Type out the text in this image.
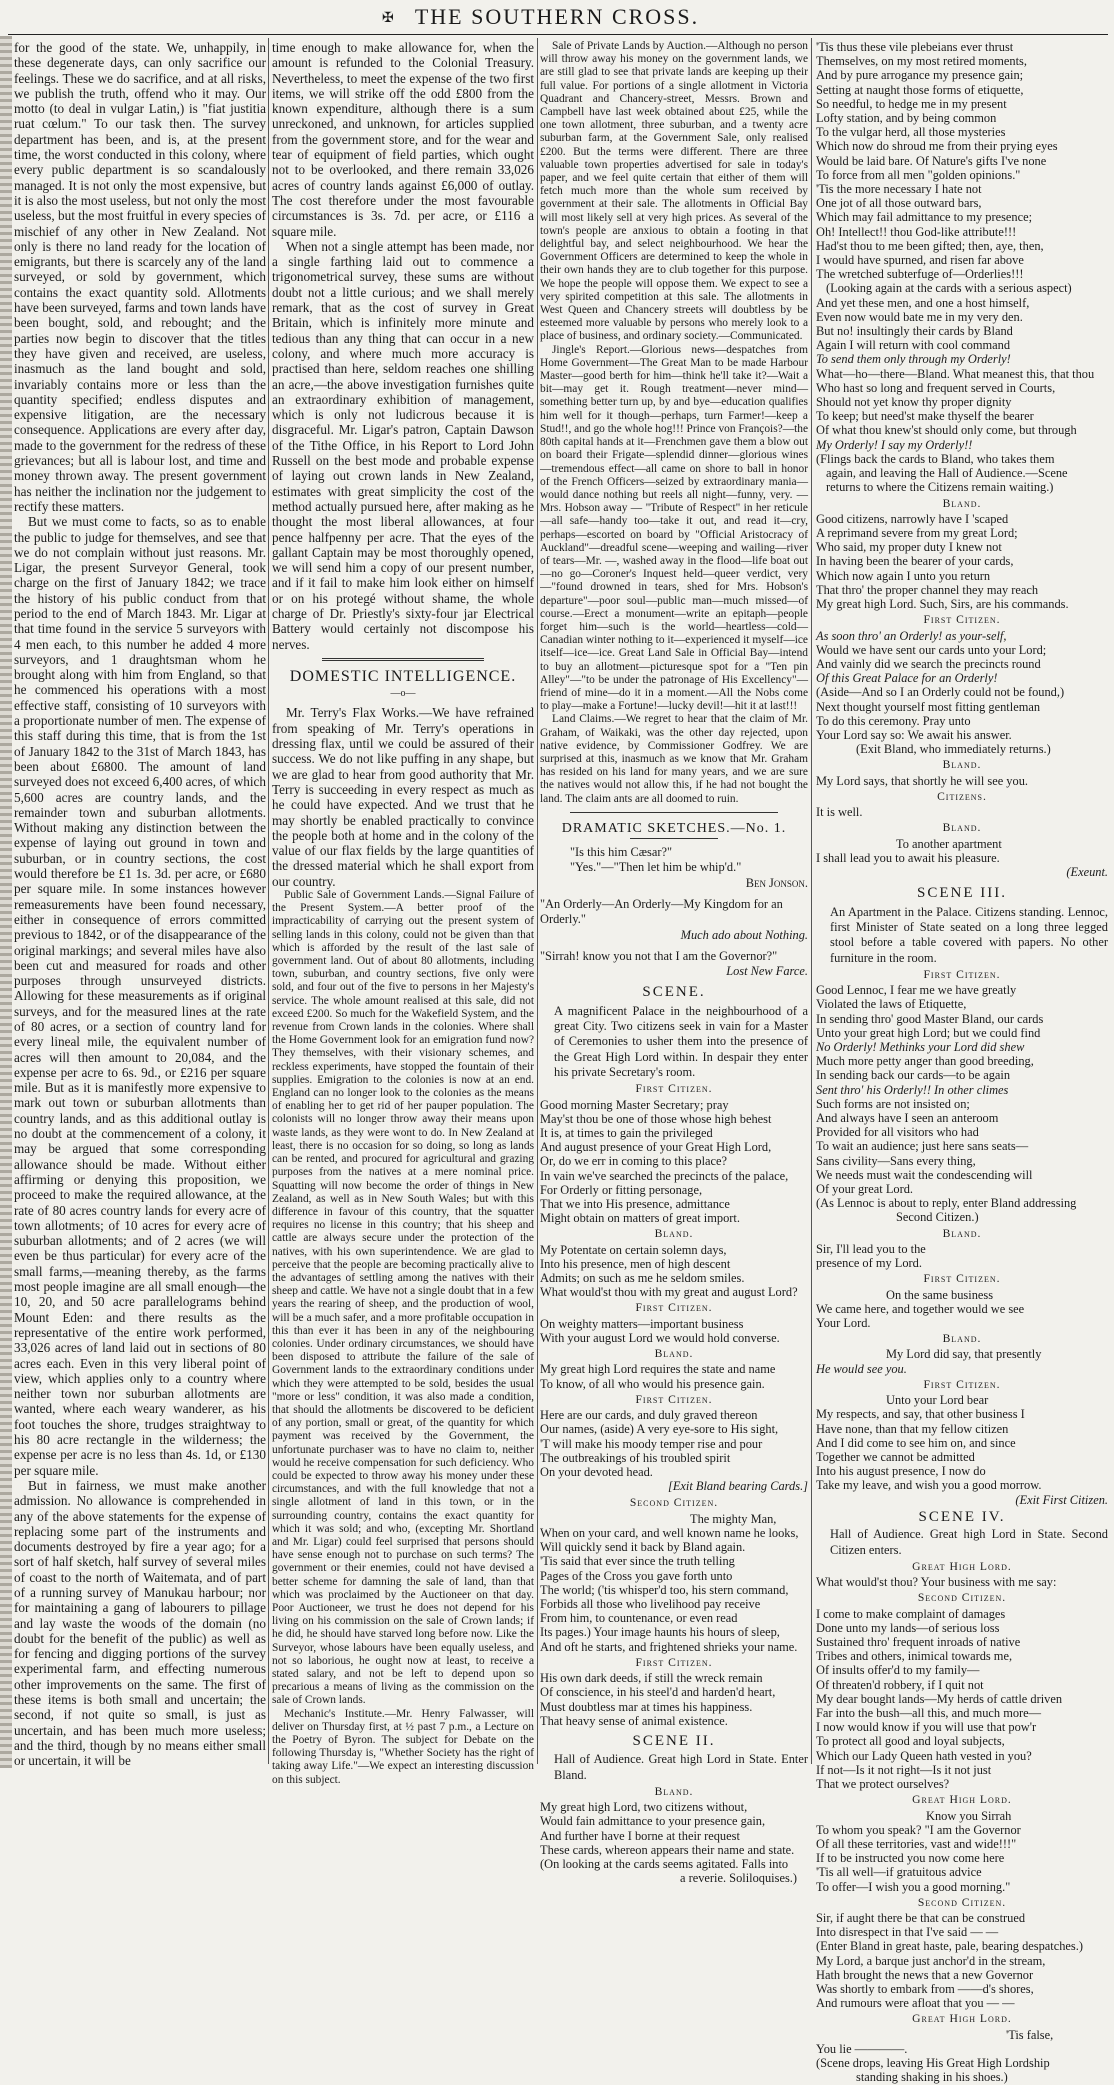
✠ THE SOUTHERN CROSS.

for the good of the state. We, unhappily, in these degenerate days, can only sacrifice our feelings. These we do sacrifice, and at all risks, we publish the truth, offend who it may. Our motto (to deal in vulgar Latin,) is "fiat justitia ruat cœlum." To our task then. The survey department has been, and is, at the present time, the worst conducted in this colony, where every public department is so scandalously managed. It is not only the most expensive, but it is also the most useless, but not only the most useless, but the most fruitful in every species of mischief of any other in New Zealand. Not only is there no land ready for the location of emigrants, but there is scarcely any of the land surveyed, or sold by government, which contains the exact quantity sold. Allotments have been surveyed, farms and town lands have been bought, sold, and rebought; and the parties now begin to discover that the titles they have given and received, are useless, inasmuch as the land bought and sold, invariably contains more or less than the quantity specified; endless disputes and expensive litigation, are the necessary consequence. Applications are every after day, made to the government for the redress of these grievances; but all is labour lost, and time and money thrown away. The present government has neither the inclination nor the judgement to rectify these matters.

But we must come to facts, so as to enable the public to judge for themselves, and see that we do not complain without just reasons. Mr. Ligar, the present Surveyor General, took charge on the first of January 1842; we trace the history of his public conduct from that period to the end of March 1843. Mr. Ligar at that time found in the service 5 surveyors with 4 men each, to this number he added 4 more surveyors, and 1 draughtsman whom he brought along with him from England, so that he commenced his operations with a most effective staff, consisting of 10 surveyors with a proportionate number of men. The expense of this staff during this time, that is from the 1st of January 1842 to the 31st of March 1843, has been about £6800. The amount of land surveyed does not exceed 6,400 acres, of which 5,600 acres are country lands, and the remainder town and suburban allotments. Without making any distinction between the expense of laying out ground in town and suburban, or in country sections, the cost would therefore be £1 1s. 3d. per acre, or £680 per square mile. In some instances however remeasurements have been found necessary, either in consequence of errors committed previous to 1842, or of the disappearance of the original markings; and several miles have also been cut and measured for roads and other purposes through unsurveyed districts. Allowing for these measurements as if original surveys, and for the measured lines at the rate of 80 acres, or a section of country land for every lineal mile, the equivalent number of acres will then amount to 20,084, and the expense per acre to 6s. 9d., or £216 per square mile. But as it is manifestly more expensive to mark out town or suburban allotments than country lands, and as this additional outlay is no doubt at the commencement of a colony, it may be argued that some corresponding allowance should be made. Without either affirming or denying this proposition, we proceed to make the required allowance, at the rate of 80 acres country lands for every acre of town allotments; of 10 acres for every acre of suburban allotments; and of 2 acres (we will even be thus particular) for every acre of the small farms,—meaning thereby, as the farms most people imagine are all small enough—the 10, 20, and 50 acre parallelograms behind Mount Eden: and there results as the representative of the entire work performed, 33,026 acres of land laid out in sections of 80 acres each. Even in this very liberal point of view, which applies only to a country where neither town nor suburban allotments are wanted, where each weary wanderer, as his foot touches the shore, trudges straightway to his 80 acre rectangle in the wilderness; the expense per acre is no less than 4s. 1d, or £130 per square mile.

But in fairness, we must make another admission. No allowance is comprehended in any of the above statements for the expense of replacing some part of the instruments and documents destroyed by fire a year ago; for a sort of half sketch, half survey of several miles of coast to the north of Waitemata, and of part of a running survey of Manukau harbour; nor for maintaining a gang of labourers to pillage and lay waste the woods of the domain (no doubt for the benefit of the public) as well as for fencing and digging portions of the survey experimental farm, and effecting numerous other improvements on the same. The first of these items is both small and uncertain; the second, if not quite so small, is just as uncertain, and has been much more useless; and the third, though by no means either small or uncertain, it will be

time enough to make allowance for, when the amount is refunded to the Colonial Treasury. Nevertheless, to meet the expense of the two first items, we will strike off the odd £800 from the known expenditure, although there is a sum unreckoned, and unknown, for articles supplied from the government store, and for the wear and tear of equipment of field parties, which ought not to be overlooked, and there remain 33,026 acres of country lands against £6,000 of outlay. The cost therefore under the most favourable circumstances is 3s. 7d. per acre, or £116 a square mile.

When not a single attempt has been made, nor a single farthing laid out to commence a trigonometrical survey, these sums are without doubt not a little curious; and we shall merely remark, that as the cost of survey in Great Britain, which is infinitely more minute and tedious than any thing that can occur in a new colony, and where much more accuracy is practised than here, seldom reaches one shilling an acre,—the above investigation furnishes quite an extraordinary exhibition of management, which is only not ludicrous because it is disgraceful. Mr. Ligar's patron, Captain Dawson of the Tithe Office, in his Report to Lord John Russell on the best mode and probable expense of laying out crown lands in New Zealand, estimates with great simplicity the cost of the method actually pursued here, after making as he thought the most liberal allowances, at four pence halfpenny per acre. That the eyes of the gallant Captain may be most thoroughly opened, we will send him a copy of our present number, and if it fail to make him look either on himself or on his protegé without shame, the whole charge of Dr. Priestly's sixty-four jar Electrical Battery would certainly not discompose his nerves.

DOMESTIC INTELLIGENCE.
—o—

Mr. Terry's Flax Works.—We have refrained from speaking of Mr. Terry's operations in dressing flax, until we could be assured of their success. We do not like puffing in any shape, but we are glad to hear from good authority that Mr. Terry is succeeding in every respect as much as he could have expected. And we trust that he may shortly be enabled practically to convince the people both at home and in the colony of the value of our flax fields by the large quantities of the dressed material which he shall export from our country.

Public Sale of Government Lands.—Signal Failure of the Present System.—A better proof of the impracticability of carrying out the present system of selling lands in this colony, could not be given than that which is afforded by the result of the last sale of government land. Out of about 80 allotments, including town, suburban, and country sections, five only were sold, and four out of the five to persons in her Majesty's service. The whole amount realised at this sale, did not exceed £200. So much for the Wakefield System, and the revenue from Crown lands in the colonies. Where shall the Home Government look for an emigration fund now? They themselves, with their visionary schemes, and reckless experiments, have stopped the fountain of their supplies. Emigration to the colonies is now at an end. England can no longer look to the colonies as the means of enabling her to get rid of her pauper population. The colonists will no longer throw away their means upon waste lands, as they were wont to do. In New Zealand at least, there is no occasion for so doing, so long as lands can be rented, and procured for agricultural and grazing purposes from the natives at a mere nominal price. Squatting will now become the order of things in New Zealand, as well as in New South Wales; but with this difference in favour of this country, that the squatter requires no license in this country; that his sheep and cattle are always secure under the protection of the natives, with his own superintendence. We are glad to perceive that the people are becoming practically alive to the advantages of settling among the natives with their sheep and cattle. We have not a single doubt that in a few years the rearing of sheep, and the production of wool, will be a much safer, and a more profitable occupation in this than ever it has been in any of the neighbouring colonies. Under ordinary circumstances, we should have been disposed to attribute the failure of the sale of Government lands to the extraordinary conditions under which they were attempted to be sold, besides the usual "more or less" condition, it was also made a condition, that should the allotments be discovered to be deficient of any portion, small or great, of the quantity for which payment was received by the Government, the unfortunate purchaser was to have no claim to, neither would he receive compensation for such deficiency. Who could be expected to throw away his money under these circumstances, and with the full knowledge that not a single allotment of land in this town, or in the surrounding country, contains the exact quantity for which it was sold; and who, (excepting Mr. Shortland and Mr. Ligar) could feel surprised that persons should have sense enough not to purchase on such terms? The government or their enemies, could not have devised a better scheme for damning the sale of land, than that which was proclaimed by the Auctioneer on that day. Poor Auctioneer, we trust he does not depend for his living on his commission on the sale of Crown lands; if he did, he should have starved long before now. Like the Surveyor, whose labours have been equally useless, and not so laborious, he ought now at least, to receive a stated salary, and not be left to depend upon so precarious a means of living as the commission on the sale of Crown lands.

Mechanic's Institute.—Mr. Henry Falwasser, will deliver on Thursday first, at ½ past 7 p.m., a Lecture on the Poetry of Byron. The subject for Debate on the following Thursday is, "Whether Society has the right of taking away Life."—We expect an interesting discussion on this subject.

Sale of Private Lands by Auction.—Although no person will throw away his money on the government lands, we are still glad to see that private lands are keeping up their full value. For portions of a single allotment in Victoria Quadrant and Chancery-street, Messrs. Brown and Campbell have last week obtained about £25, while the one town allotment, three suburban, and a twenty acre suburban farm, at the Government Sale, only realised £200. But the terms were different. There are three valuable town properties advertised for sale in today's paper, and we feel quite certain that either of them will fetch much more than the whole sum received by government at their sale. The allotments in Official Bay will most likely sell at very high prices. As several of the town's people are anxious to obtain a footing in that delightful bay, and select neighbourhood. We hear the Government Officers are determined to keep the whole in their own hands they are to club together for this purpose. We hope the people will oppose them. We expect to see a very spirited competition at this sale. The allotments in West Queen and Chancery streets will doubtless by be esteemed more valuable by persons who merely look to a place of business, and ordinary society.—Communicated.

Jingle's Report.—Glorious news—despatches from Home Government—The Great Man to be made Harbour Master—good berth for him—think he'll take it?—Wait a bit—may get it. Rough treatment—never mind—something better turn up, by and bye—education qualifies him well for it though—perhaps, turn Farmer!—keep a Stud!!, and go the whole hog!!! Prince von François?—the 80th capital hands at it—Frenchmen gave them a blow out on board their Frigate—splendid dinner—glorious wines—tremendous effect—all came on shore to ball in honor of the French Officers—seized by extraordinary mania—would dance nothing but reels all night—funny, very. — Mrs. Hobson away — "Tribute of Respect" in her reticule—all safe—handy too—take it out, and read it—cry, perhaps—escorted on board by "Official Aristocracy of Auckland"—dreadful scene—weeping and wailing—river of tears—Mr. —, washed away in the flood—life boat out—no go—Coroner's Inquest held—queer verdict, very—"found drowned in tears, shed for Mrs. Hobson's departure"—poor soul—public man—much missed—of course.—Erect a monument—write an epitaph—people forget him—such is the world—heartless—cold—Canadian winter nothing to it—experienced it myself—ice itself—ice—ice. Great Land Sale in Official Bay—intend to buy an allotment—picturesque spot for a "Ten pin Alley"—"to be under the patronage of His Excellency"—friend of mine—do it in a moment.—All the Nobs come to play—make a Fortune!—lucky devil!—hit it at last!!!

Land Claims.—We regret to hear that the claim of Mr. Graham, of Waikaki, was the other day rejected, upon native evidence, by Commissioner Godfrey. We are surprised at this, inasmuch as we know that Mr. Graham has resided on his land for many years, and we are sure the natives would not allow this, if he had not bought the land. The claim ants are all doomed to ruin.

DRAMATIC SKETCHES.—No. 1.

"Is this him Cæsar?"
"Yes."—"Then let him be whip'd."

Ben Jonson.

"An Orderly—An Orderly—My Kingdom for an Orderly."

Much ado about Nothing.

"Sirrah! know you not that I am the Governor?"

Lost New Farce.
SCENE.

A magnificent Palace in the neighbourhood of a great City. Two citizens seek in vain for a Master of Ceremonies to usher them into the presence of the Great High Lord within. In despair they enter his private Secretary's room.

First Citizen.
Good morning Master Secretary; pray
May'st thou be one of those whose high behest
It is, at times to gain the privileged
And august presence of your Great High Lord,
Or, do we err in coming to this place?
In vain we've searched the precincts of the palace,
For Orderly or fitting personage,
That we into His presence, admittance
Might obtain on matters of great import.
Bland.
My Potentate on certain solemn days,
Into his presence, men of high descent
Admits; on such as me he seldom smiles.
What would'st thou with my great and august Lord?
First Citizen.
On weighty matters—important business
With your august Lord we would hold converse.
Bland.
My great high Lord requires the state and name
To know, of all who would his presence gain.
First Citizen.
Here are our cards, and duly graved thereon
Our names, (aside) A very eye-sore to His sight,
'T will make his moody temper rise and pour
The outbreakings of his troubled spirit
On your devoted head.
[Exit Bland bearing Cards.]
Second Citizen.
The mighty Man,
When on your card, and well known name he looks,
Will quickly send it back by Bland again.
'Tis said that ever since the truth telling
Pages of the Cross you gave forth unto
The world; ('tis whisper'd too, his stern command,
Forbids all those who livelihood pay receive
From him, to countenance, or even read
Its pages.) Your image haunts his hours of sleep,
And oft he starts, and frightened shrieks your name.
First Citizen.
His own dark deeds, if still the wreck remain
Of conscience, in his steel'd and harden'd heart,
Must doubtless mar at times his happiness.
That heavy sense of animal existence.
SCENE II.

Hall of Audience. Great high Lord in State. Enter Bland.

Bland.
My great high Lord, two citizens without,
Would fain admittance to your presence gain,
And further have I borne at their request
These cards, whereon appears their name and state.
(On looking at the cards seems agitated. Falls into
a reverie. Soliloquises.)
'Tis thus these vile plebeians ever thrust
Themselves, on my most retired moments,
And by pure arrogance my presence gain;
Setting at naught those forms of etiquette,
So needful, to hedge me in my present
Lofty station, and by being common
To the vulgar herd, all those mysteries
Which now do shroud me from their prying eyes
Would be laid bare. Of Nature's gifts I've none
To force from all men "golden opinions."
'Tis the more necessary I hate not
One jot of all those outward bars,
Which may fail admittance to my presence;
Oh! Intellect!! thou God-like attribute!!!
Had'st thou to me been gifted; then, aye, then,
I would have spurned, and risen far above
The wretched subterfuge of—Orderlies!!!
(Looking again at the cards with a serious aspect)
And yet these men, and one a host himself,
Even now would bate me in my very den.
But no! insultingly their cards by Bland
Again I will return with cool command
To send them only through my Orderly!
What—ho—there—Bland. What meanest this, that thou
Who hast so long and frequent served in Courts,
Should not yet know thy proper dignity
To keep; but need'st make thyself the bearer
Of what thou knew'st should only come, but through
My Orderly! I say my Orderly!!
(Flings back the cards to Bland, who takes them
again, and leaving the Hall of Audience.—Scene
returns to where the Citizens remain waiting.)
Bland.
Good citizens, narrowly have I 'scaped
A reprimand severe from my great Lord;
Who said, my proper duty I knew not
In having been the bearer of your cards,
Which now again I unto you return
That thro' the proper channel they may reach
My great high Lord. Such, Sirs, are his commands.
First Citizen.
As soon thro' an Orderly! as your-self,
Would we have sent our cards unto your Lord;
And vainly did we search the precincts round
Of this Great Palace for an Orderly!
(Aside—And so I an Orderly could not be found,)
Next thought yourself most fitting gentleman
To do this ceremony. Pray unto
Your Lord say so: We await his answer.
(Exit Bland, who immediately returns.)
Bland.
My Lord says, that shortly he will see you.
Citizens.
It is well.
Bland.
To another apartment
I shall lead you to await his pleasure.
(Exeunt.
SCENE III.

An Apartment in the Palace. Citizens standing. Lennoc, first Minister of State seated on a long three legged stool before a table covered with papers. No other furniture in the room.

First Citizen.
Good Lennoc, I fear me we have greatly
Violated the laws of Etiquette,
In sending thro' good Master Bland, our cards
Unto your great high Lord; but we could find
No Orderly! Methinks your Lord did shew
Much more petty anger than good breeding,
In sending back our cards—to be again
Sent thro' his Orderly!! In other climes
Such forms are not insisted on;
And always have I seen an anteroom
Provided for all visitors who had
To wait an audience; just here sans seats—
Sans civility—Sans every thing,
We needs must wait the condescending will
Of your great Lord.
(As Lennoc is about to reply, enter Bland addressing
Second Citizen.)
Bland.
Sir, I'll lead you to the
presence of my Lord.
First Citizen.
On the same business
We came here, and together would we see
Your Lord.
Bland.
My Lord did say, that presently
He would see you.
First Citizen.
Unto your Lord bear
My respects, and say, that other business I
Have none, than that my fellow citizen
And I did come to see him on, and since
Together we cannot be admitted
Into his august presence, I now do
Take my leave, and wish you a good morrow.
(Exit First Citizen.
SCENE IV.

Hall of Audience. Great high Lord in State. Second Citizen enters.

Great High Lord.
What would'st thou? Your business with me say:
Second Citizen.
I come to make complaint of damages
Done unto my lands—of serious loss
Sustained thro' frequent inroads of native
Tribes and others, inimical towards me,
Of insults offer'd to my family—
Of threaten'd robbery, if I quit not
My dear bought lands—My herds of cattle driven
Far into the bush—all this, and much more—
I now would know if you will use that pow'r
To protect all good and loyal subjects,
Which our Lady Queen hath vested in you?
If not—Is it not right—Is it not just
That we protect ourselves?
Great High Lord.
Know you Sirrah
To whom you speak? "I am the Governor
Of all these territories, vast and wide!!!"
If to be instructed you now come here
'Tis all well—if gratuitous advice
To offer—I wish you a good morning."
Second Citizen.
Sir, if aught there be that can be construed
Into disrespect in that I've said — —
(Enter Bland in great haste, pale, bearing despatches.)
My Lord, a barque just anchor'd in the stream,
Hath brought the news that a new Governor
Was shortly to embark from ——d's shores,
And rumours were afloat that you — —
Great High Lord.
'Tis false,
You lie ————.
(Scene drops, leaving His Great High Lordship
standing shaking in his shoes.)
